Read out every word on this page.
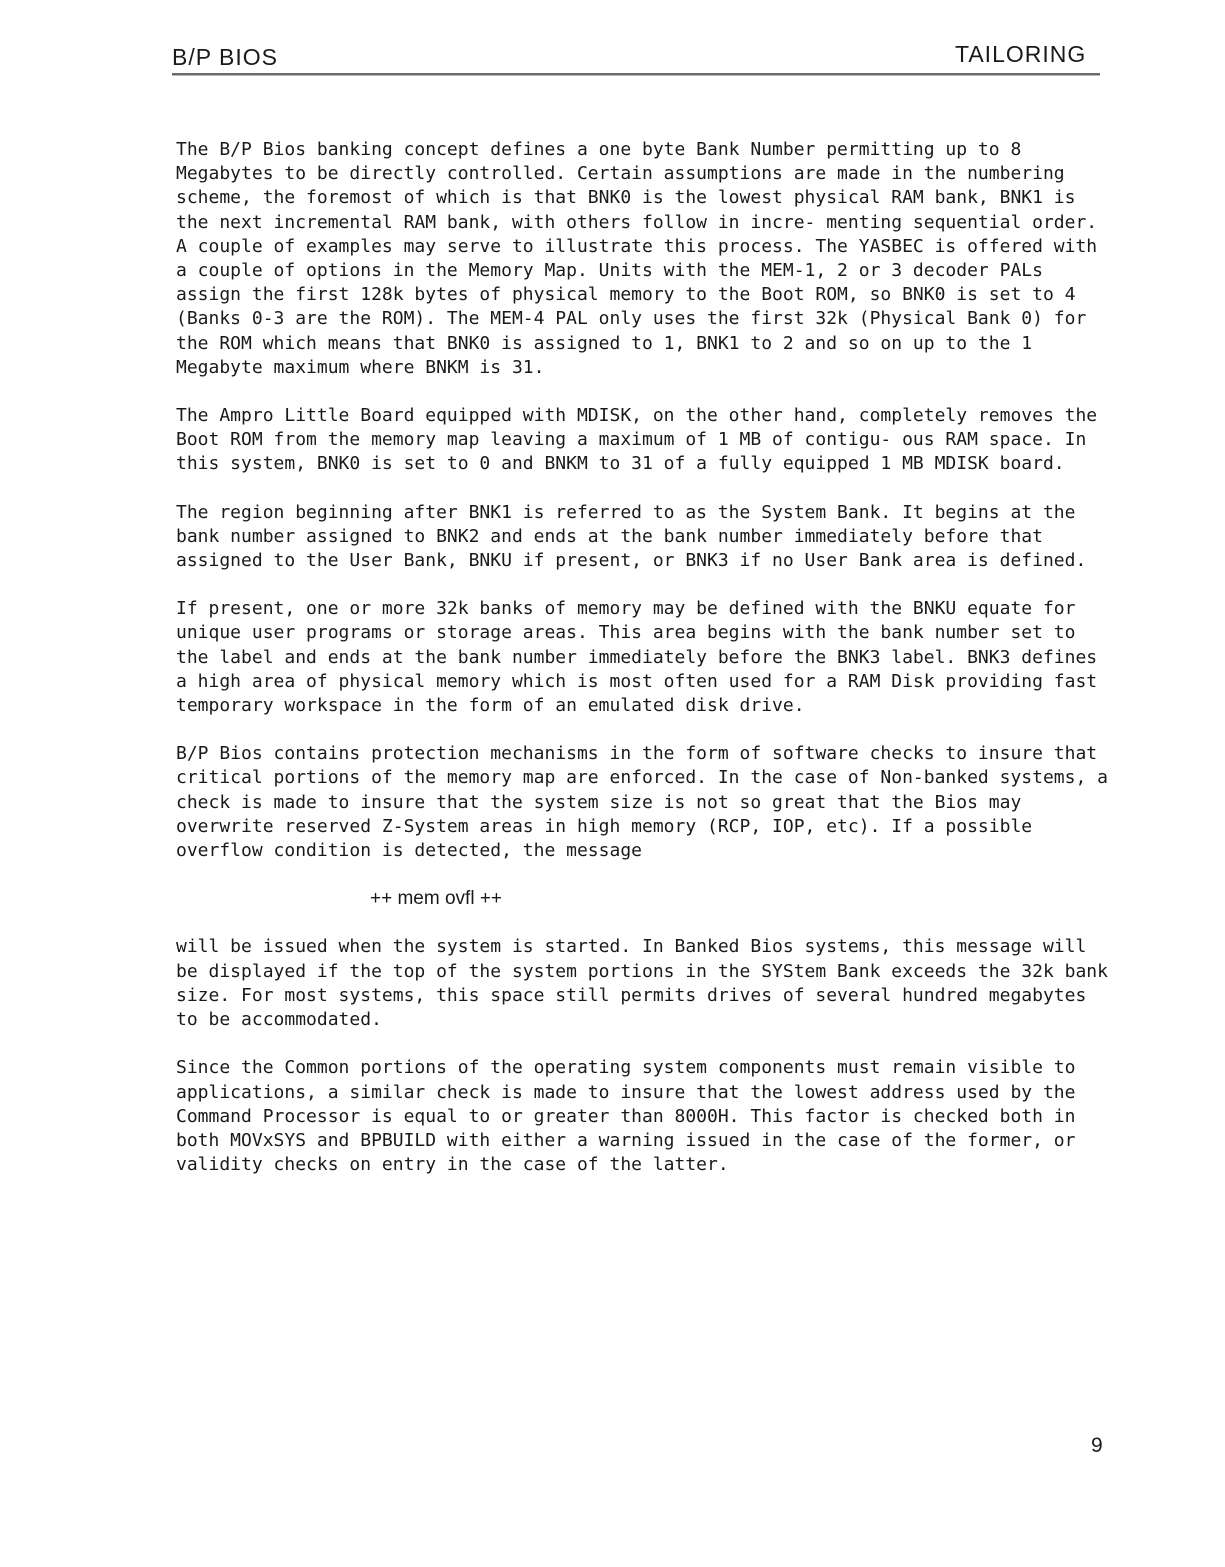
B/P BIOS	TAILORING

The B/P Bios banking concept defines a one byte Bank Number permitting up to 8 Megabytes to be directly controlled. Certain assumptions are made in the numbering scheme, the foremost of which is that BNK0 is the lowest physical RAM bank, BNK1 is the next incremental RAM bank, with others follow in incre- menting sequential order. A couple of examples may serve to illustrate this process. The YASBEC is offered with a couple of options in the Memory Map. Units with the MEM-1, 2 or 3 decoder PALs assign the first 128k bytes of physical memory to the Boot ROM, so BNK0 is set to 4 (Banks 0-3 are the ROM). The MEM-4 PAL only uses the first 32k (Physical Bank 0) for the ROM which means that BNK0 is assigned to 1, BNK1 to 2 and so on up to the 1 Megabyte maximum where BNKM is 31.

The Ampro Little Board equipped with MDISK, on the other hand, completely removes the Boot ROM from the memory map leaving a maximum of 1 MB of contigu- ous RAM space. In this system, BNK0 is set to 0 and BNKM to 31 of a fully equipped 1 MB MDISK board.

The region beginning after BNK1 is referred to as the System Bank. It begins at the bank number assigned to BNK2 and ends at the bank number immediately before that assigned to the User Bank, BNKU if present, or BNK3 if no User Bank area is defined.

If present, one or more 32k banks of memory may be defined with the BNKU equate for unique user programs or storage areas. This area begins with the bank number set to the label and ends at the bank number immediately before the BNK3 label. BNK3 defines a high area of physical memory which is most often used for a RAM Disk providing fast temporary workspace in the form of an emulated disk drive.

B/P Bios contains protection mechanisms in the form of software checks to insure that critical portions of the memory map are enforced. In the case of Non-banked systems, a check is made to insure that the system size is not so great that the Bios may overwrite reserved Z-System areas in high memory (RCP, IOP, etc). If a possible overflow condition is detected, the message

++ mem ovfl ++

will be issued when the system is started. In Banked Bios systems, this message will be displayed if the top of the system portions in the SYStem Bank exceeds the 32k bank size. For most systems, this space still permits drives of several hundred megabytes to be accommodated.

Since the Common portions of the operating system components must remain visible to applications, a similar check is made to insure that the lowest address used by the Command Processor is equal to or greater than 8000H. This factor is checked both in both MOVxSYS and BPBUILD with either a warning issued in the case of the former, or validity checks on entry in the case of the latter.

9
